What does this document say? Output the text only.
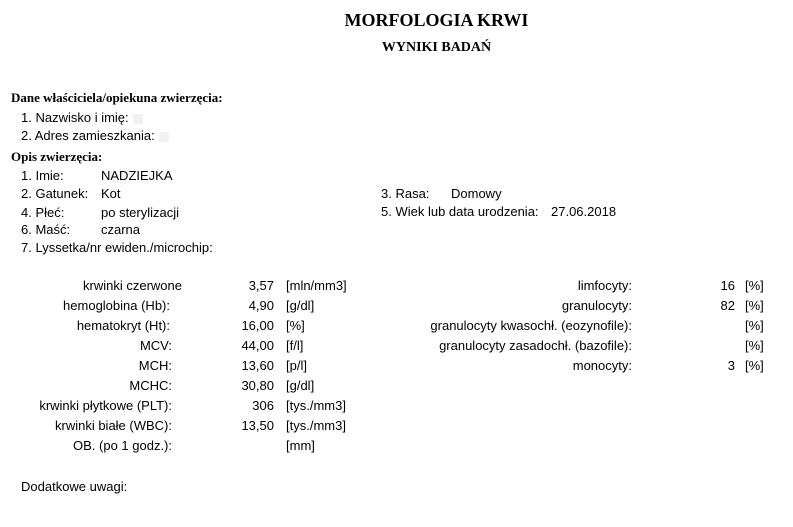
MORFOLOGIA KRWI
WYNIKI BADAŃ
Dane właściciela/opiekuna zwierzęcia:
1. Nazwisko i imię:
2. Adres zamieszkania:
Opis zwierzęcia:
1. Imie:	NADZIEJKA
2. Gatunek: Kot
4. Płeć:	po sterylizacji
6. Maść: czarna
7. Lyssetka/nr ewiden./microchip:
3. Rasa: Domowy
5. Wiek lub data urodzenia: 27.06.2018
krwinki czerwone	3,57 [mln/mm3]
hemoglobina (Hb):	4,90 [g/dl]
hematokryt (Ht):	16,00 [%]
MCV:	44,00 [f/l]
MCH:	13,60 [p/l]
MCHC:	30,80 [g/dl]
krwinki płytkowe (PLT):	306 [tys./mm3]
krwinki białe (WBC):	13,50 [tys./mm3]
OB. (po 1 godz.):	[mm]
limfocyty:	16 [%]
granulocyty:	82 [%]
granulocyty kwasochł. (eozynofile):	[%]
granulocyty zasadochł. (bazofile):	[%]
monocyty:	3 [%]
Dodatkowe uwagi:
